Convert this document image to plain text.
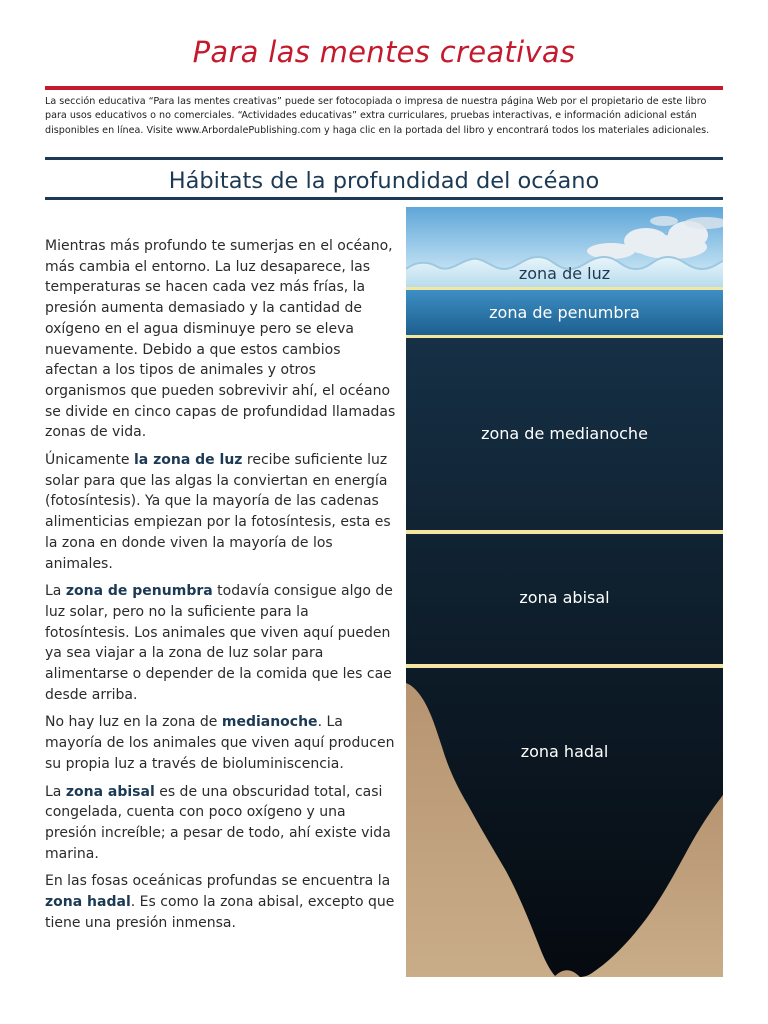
Para las mentes creativas
La sección educativa “Para las mentes creativas” puede ser fotocopiada o impresa de nuestra página Web por el propietario de este libro para usos educativos o no comerciales. “Actividades educativas” extra curriculares, pruebas interactivas, e información adicional están disponibles en línea. Visite www.ArbordalePublishing.com y haga clic en la portada del libro y encontrará todos los materiales adicionales.
Hábitats de la profundidad del océano

Mientras más profundo te sumerjas en el océano, más cambia el entorno. La luz desaparece, las temperaturas se hacen cada vez más frías, la presión aumenta demasiado y la cantidad de oxígeno en el agua disminuye pero se eleva nuevamente. Debido a que estos cambios afectan a los tipos de animales y otros organismos que pueden sobrevivir ahí, el océano se divide en cinco capas de profundidad llamadas zonas de vida.

Únicamente la zona de luz recibe suficiente luz solar para que las algas la conviertan en energía (fotosíntesis). Ya que la mayoría de las cadenas alimenticias empiezan por la fotosíntesis, esta es la zona en donde viven la mayoría de los animales.

La zona de penumbra todavía consigue algo de luz solar, pero no la suficiente para la fotosíntesis. Los animales que viven aquí pueden ya sea viajar a la zona de luz solar para alimentarse o depender de la comida que les cae desde arriba.

No hay luz en la zona de medianoche. La mayoría de los animales que viven aquí producen su propia luz a través de bioluminiscencia.

La zona abisal es de una obscuridad total, casi congelada, cuenta con poco oxígeno y una presión increíble; a pesar de todo, ahí existe vida marina.

En las fosas oceánicas profundas se encuentra la zona hadal. Es como la zona abisal, excepto que tiene una presión inmensa.

zona de luz
zona de penumbra
zona de medianoche
zona abisal
zona hadal
